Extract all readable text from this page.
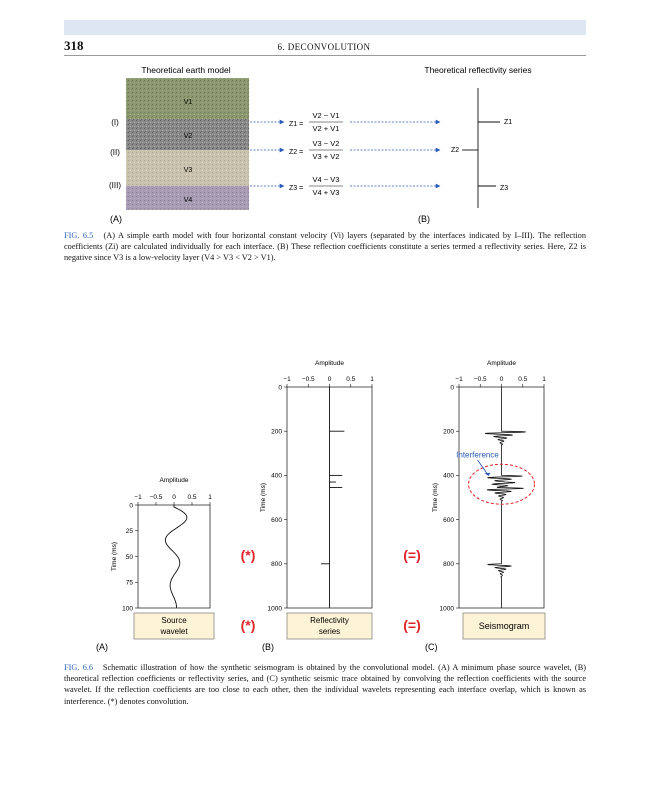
318	6. DECONVOLUTION
Theoretical earth model	Theoretical reflectivity series
V1
V2
V3
V4
(I)
(II)
(III)
Z1 =
V2 − V1
V2 + V1
Z2 =
V3 − V2
V3 + V2
Z3 =
V4 − V3
V4 + V3
Z1
Z2
Z3
(A)	(B)
FIG. 6.5 (A) A simple earth model with four horizontal constant velocity (Vi) layers (separated by the interfaces indicated by I–III). The reflection coefficients (Zi) are calculated individually for each interface. (B) These reflection coefficients constitute a series termed a reflectivity series. Here, Z2 is negative since V3 is a low-velocity layer (V4 > V3 < V2 > V1).
Amplitude
−1 −0.5 0 0.5 1
0
25
50
75
100
Time (ms)
Amplitude
−1 −0.5 0 0.5 1
0
200
400
600
800
1000
Time (ms)
Amplitude
−1 −0.5 0 0.5 1
0
200
400
600
800
1000
Time (ms)
Interference
Source
wavelet
Reflectivity
series
Seismogram
(*)
(*)
(=)
(=)
(A)	(B)	(C)
FIG. 6.6 Schematic illustration of how the synthetic seismogram is obtained by the convolutional model. (A) A minimum phase source wavelet, (B) theoretical reflection coefficients or reflectivity series, and (C) synthetic seismic trace obtained by convolving the reflection coefficients with the source wavelet. If the reflection coefficients are too close to each other, then the individual wavelets representing each interface overlap, which is known as interference. (*) denotes convolution.
